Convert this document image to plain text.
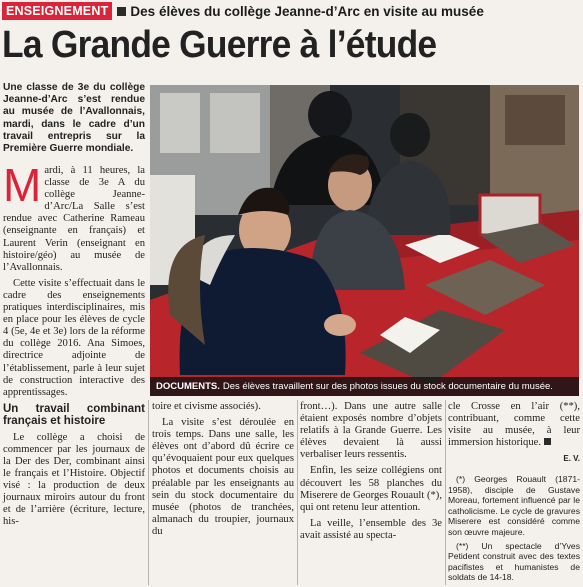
ENSEIGNEMENT Des élèves du collège Jeanne-d’Arc en visite au musée
La Grande Guerre à l’étude
Une classe de 3e du collège Jeanne-d’Arc s’est rendue au musée de l’Avallonnais, mardi, dans le cadre d’un travail entrepris sur la Première Guerre mondiale.

Mardi, à 11 heures, la classe de 3e A du collège Jeanne-d’Arc/La Salle s’est rendue avec Catherine Rameau (enseignante en français) et Laurent Verin (enseignant en histoire/géo) au musée de l’Avallonnais.

Cette visite s’effectuait dans le cadre des enseignements pratiques interdisciplinaires, mis en place pour les élèves de cycle 4 (5e, 4e et 3e) lors de la réforme du collège 2016. Ana Simoes, directrice adjointe de l’établissement, parle à leur sujet de construction interactive des apprentissages.

Un travail combinant français et histoire

Le collège a choisi de commencer par les journaux de la Der des Der, combinant ainsi le français et l’Histoire. Objectif visé : la production de deux journaux miroirs autour du front et de l’arrière (écriture, lecture, his-

toire et civisme associés).

La visite s’est déroulée en trois temps. Dans une salle, les élèves ont d’abord dû écrire ce qu’évoquaient pour eux quelques photos et documents choisis au préalable par les enseignants au sein du stock documentaire du musée (photos de tranchées, almanach du troupier, journaux du

front…). Dans une autre salle étaient exposés nombre d’objets relatifs à la Grande Guerre. Les élèves devaient là aussi verbaliser leurs ressentis.

Enfin, les seize collégiens ont découvert les 58 planches du Miserere de Georges Rouault (*), qui ont retenu leur attention.

La veille, l’ensemble des 3e avait assisté au specta-

cle Crosse en l’air (**), contribuant, comme cette visite au musée, à leur immersion historique.

E. V.

(*) Georges Rouault (1871-1958), disciple de Gustave Moreau, fortement influencé par le catholicisme. Le cycle de gravures Miserere est considéré comme son œuvre majeure.

(**) Un spectacle d’Yves Petident construit avec des textes pacifistes et humanistes de soldats de 14-18.

DOCUMENTS. Des élèves travaillent sur des photos issues du stock documentaire du musée.
